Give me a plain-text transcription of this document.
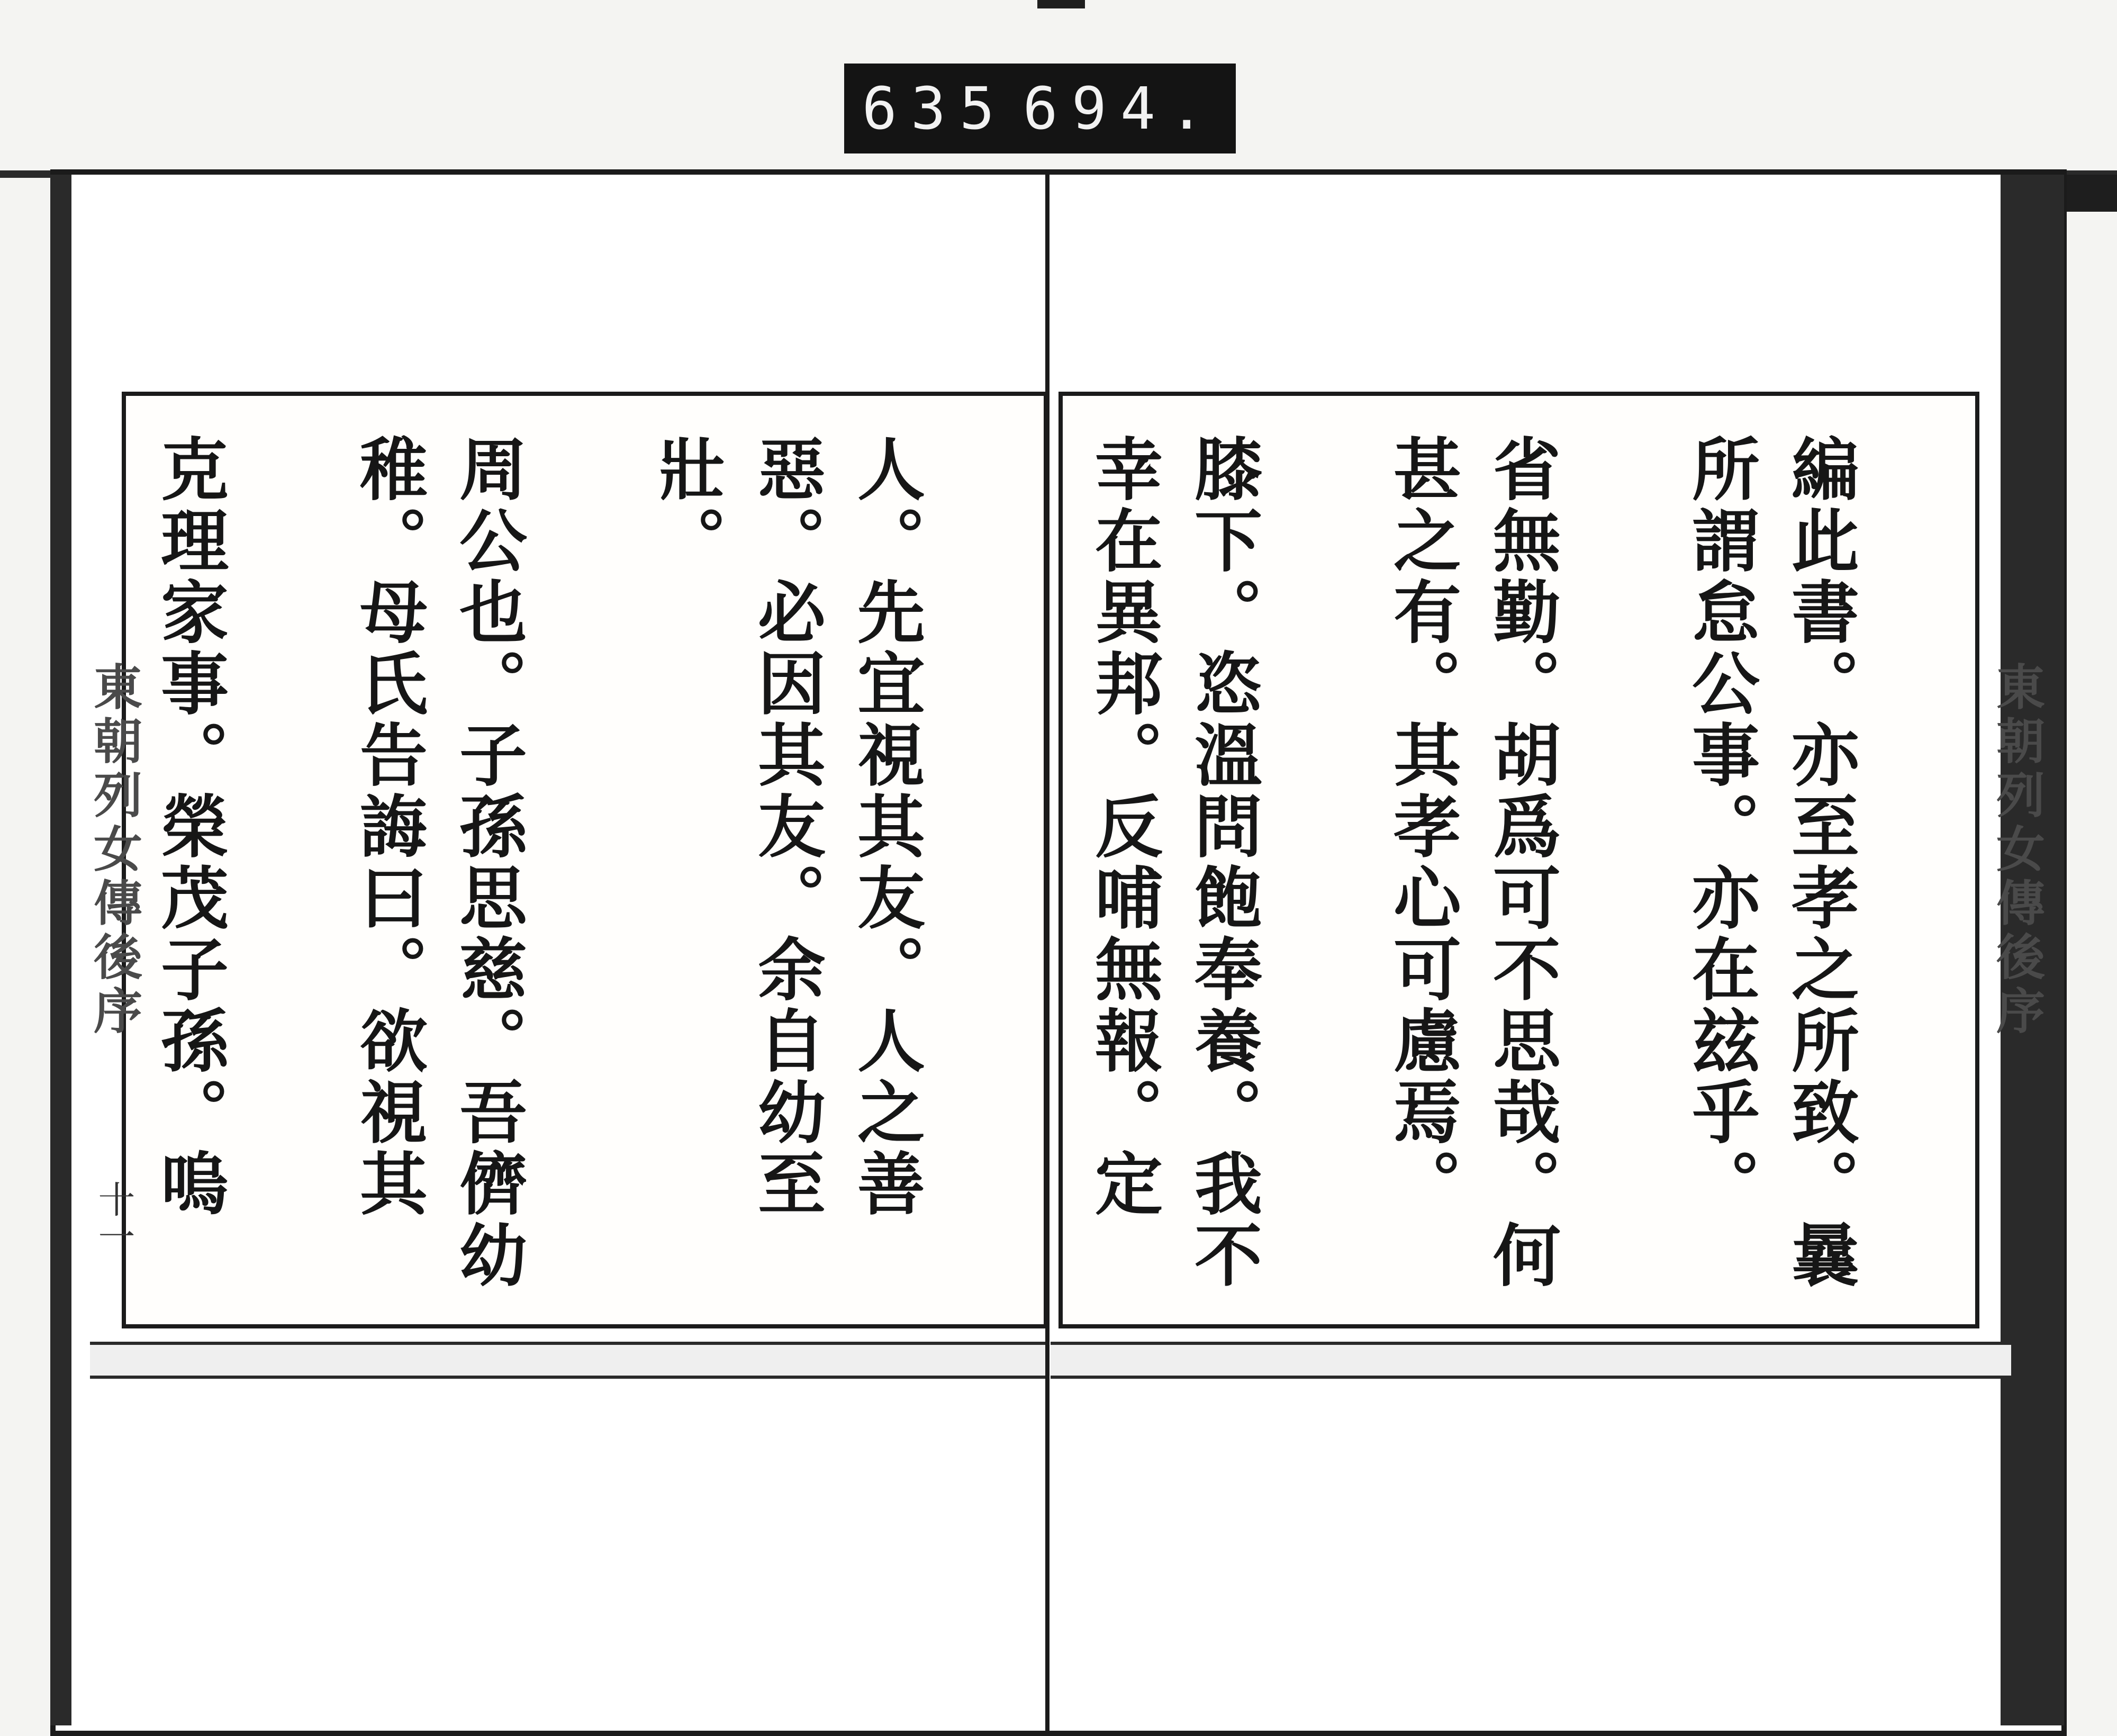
635 694.
東朝列女傳後序
十一
東朝列女傳後序

人。先宜視其友。人之善惡。必因其友。余自幼至壯。

周公也。子孫思慈。吾儕幼稚。母氏告誨曰。欲視其

克理家事。榮茂子孫。嗚	編此書。亦至孝之所致。曩所謂怠公事。亦在玆乎。

省無勤。胡爲可不思哉。何甚之有。其孝心可慮焉。

膝下。恣溫問飽奉養。我不幸在異邦。反哺無報。定
